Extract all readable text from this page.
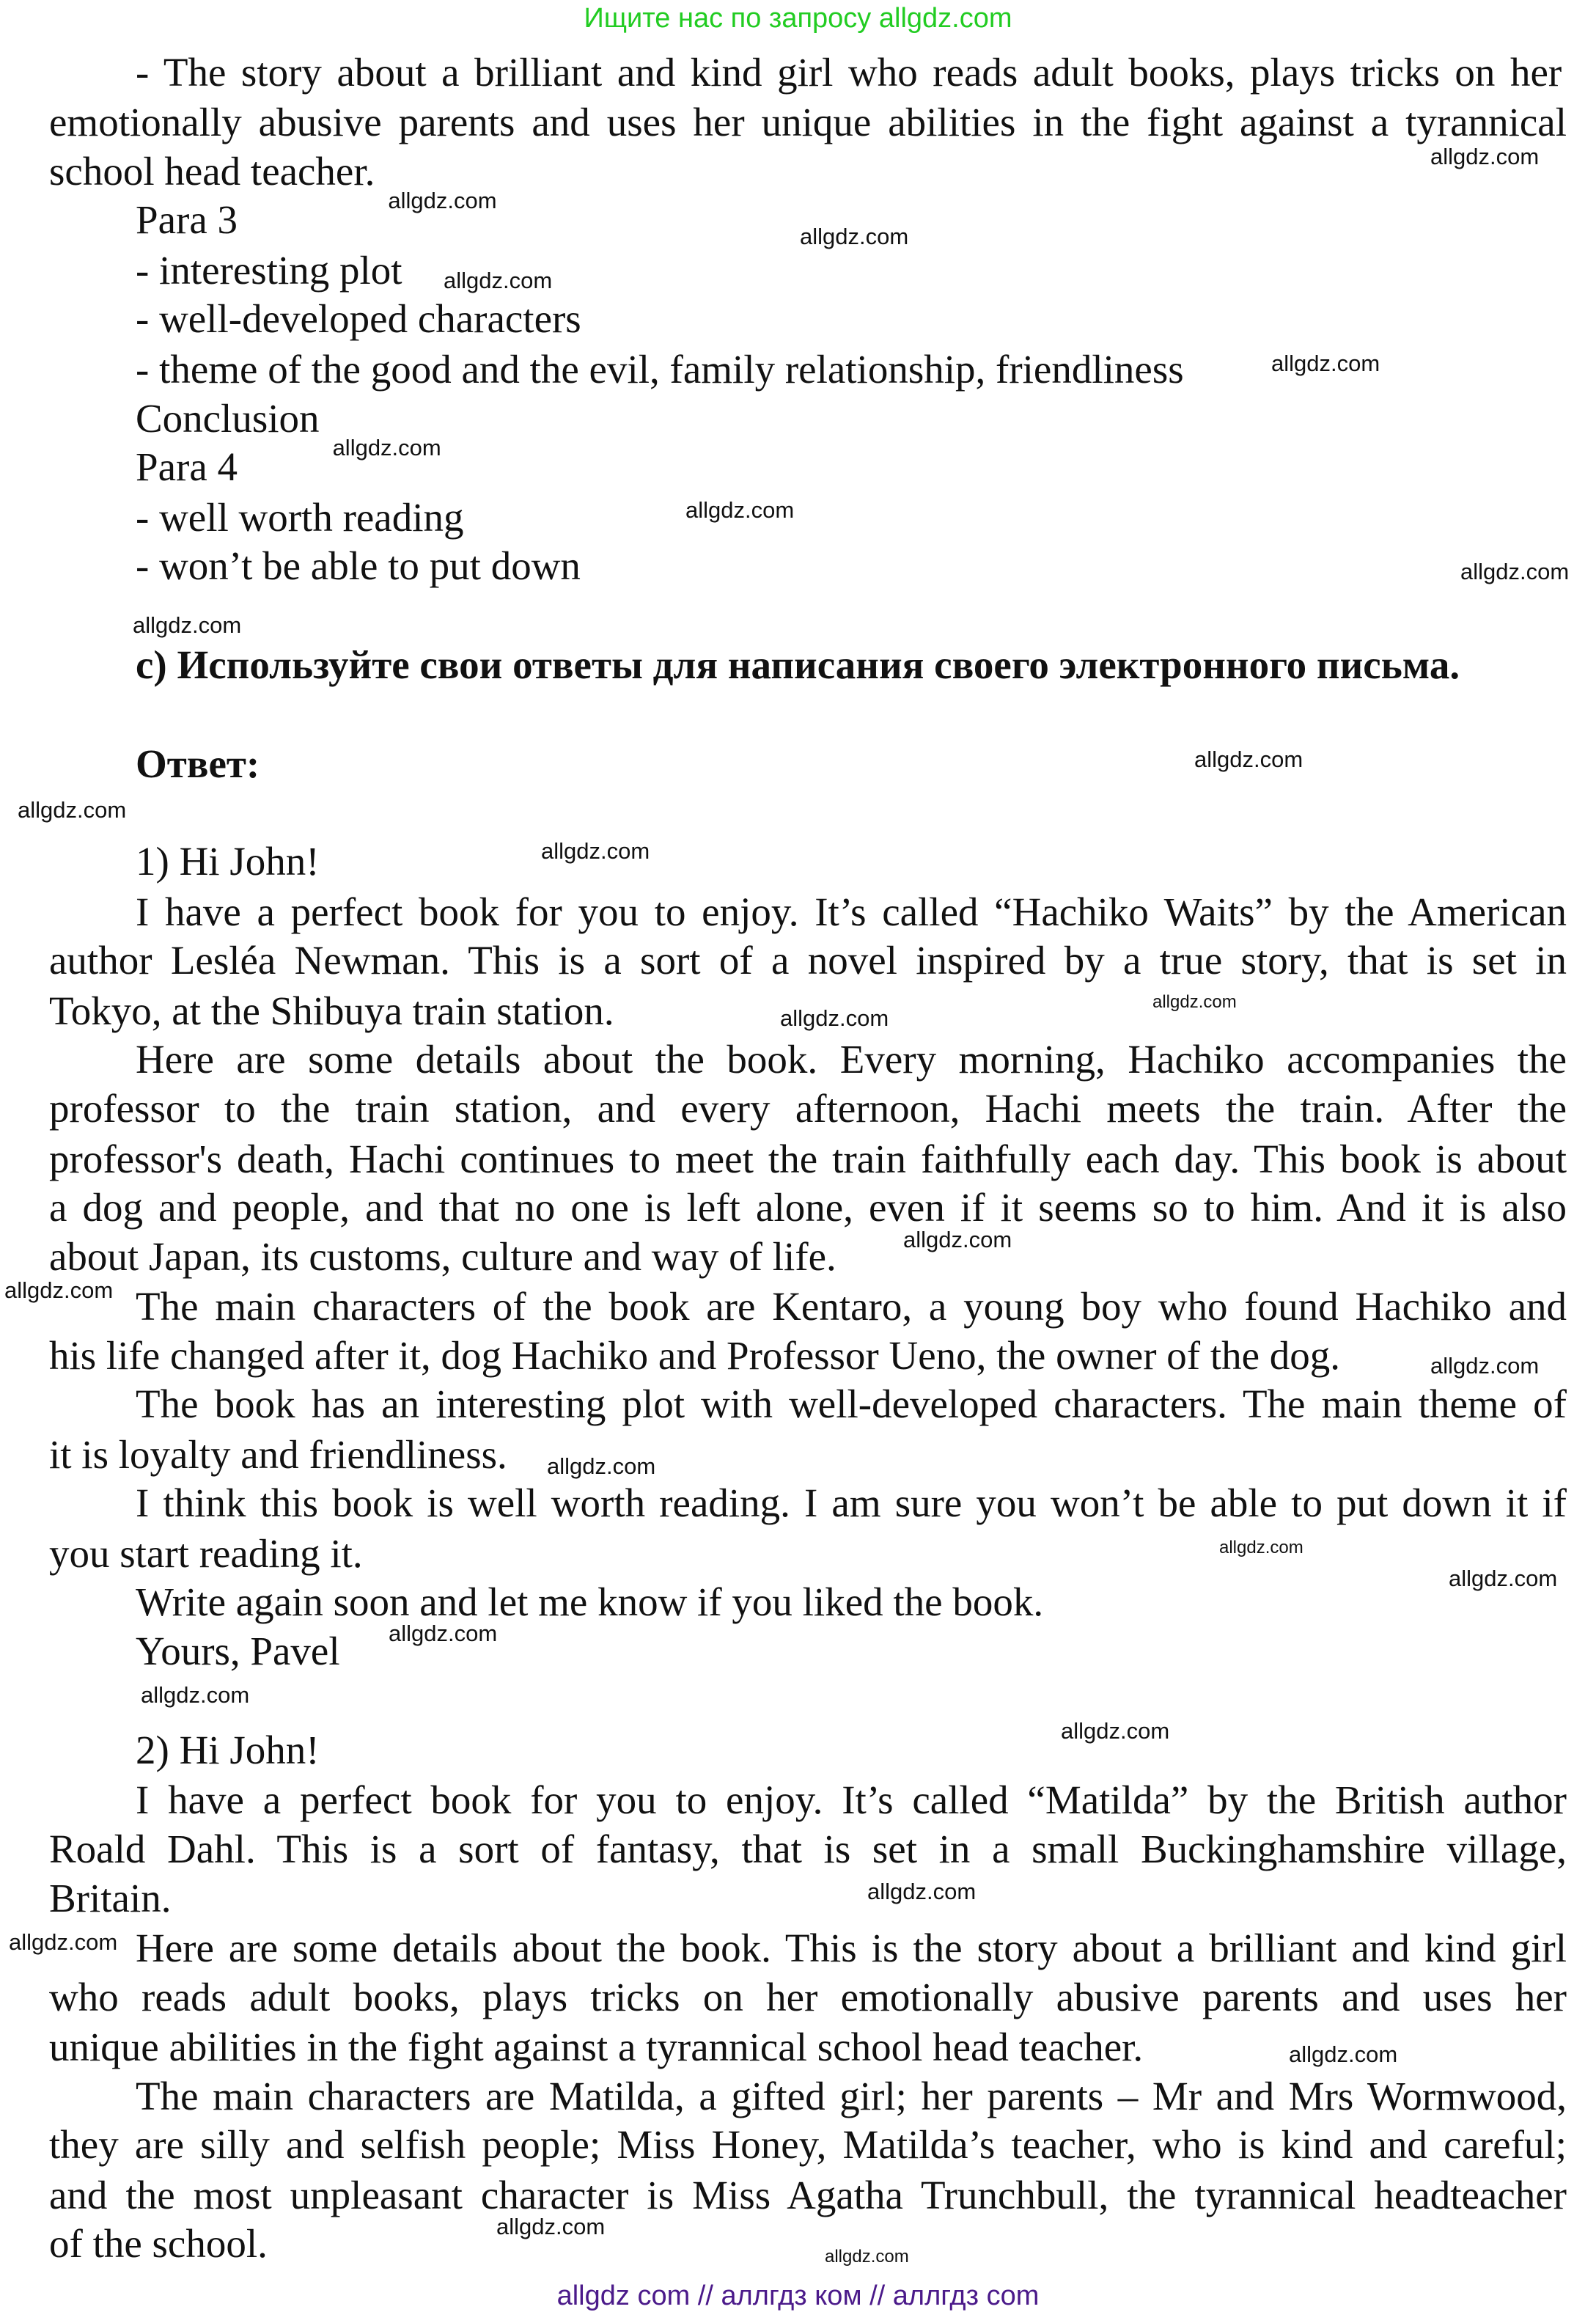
Ищите нас по запросу allgdz.com
- The story about a brilliant and kind girl who reads adult books, plays tricks on her
emotionally abusive parents and uses her unique abilities in the fight against a tyrannical
school head teacher.
Para 3
- interesting plot
- well-developed characters
- theme of the good and the evil, family relationship, friendliness
Conclusion
Para 4
- well worth reading
- won’t be able to put down
c) Используйте свои ответы для написания своего электронного письма.
Ответ:
1) Hi John!
I have a perfect book for you to enjoy. It’s called “Hachiko Waits” by the American
author Lesléa Newman. This is a sort of a novel inspired by a true story, that is set in
Tokyo, at the Shibuya train station.
Here are some details about the book. Every morning, Hachiko accompanies the
professor to the train station, and every afternoon, Hachi meets the train. After the
professor's death, Hachi continues to meet the train faithfully each day. This book is about
a dog and people, and that no one is left alone, even if it seems so to him. And it is also
about Japan, its customs, culture and way of life.
The main characters of the book are Kentaro, a young boy who found Hachiko and
his life changed after it, dog Hachiko and Professor Ueno, the owner of the dog.
The book has an interesting plot with well-developed characters. The main theme of
it is loyalty and friendliness.
I think this book is well worth reading. I am sure you won’t be able to put down it if
you start reading it.
Write again soon and let me know if you liked the book.
Yours, Pavel
2) Hi John!
I have a perfect book for you to enjoy. It’s called “Matilda” by the British author
Roald Dahl. This is a sort of fantasy, that is set in a small Buckinghamshire village,
Britain.
Here are some details about the book. This is the story about a brilliant and kind girl
who reads adult books, plays tricks on her emotionally abusive parents and uses her
unique abilities in the fight against a tyrannical school head teacher.
The main characters are Matilda, a gifted girl; her parents – Mr and Mrs Wormwood,
they are silly and selfish people; Miss Honey, Matilda’s teacher, who is kind and careful;
and the most unpleasant character is Miss Agatha Trunchbull, the tyrannical headteacher
of the school.
allgdz.com
allgdz.com
allgdz.com
allgdz.com
allgdz.com
allgdz.com
allgdz.com
allgdz.com
allgdz.com
allgdz.com
allgdz.com
allgdz.com
allgdz.com
allgdz.com
allgdz.com
allgdz.com
allgdz.com
allgdz.com
allgdz.com
allgdz.com
allgdz.com
allgdz.com
allgdz.com
allgdz.com
allgdz.com
allgdz.com
allgdz.com
allgdz.com
allgdz com // аллгдз ком // аллгдз com
